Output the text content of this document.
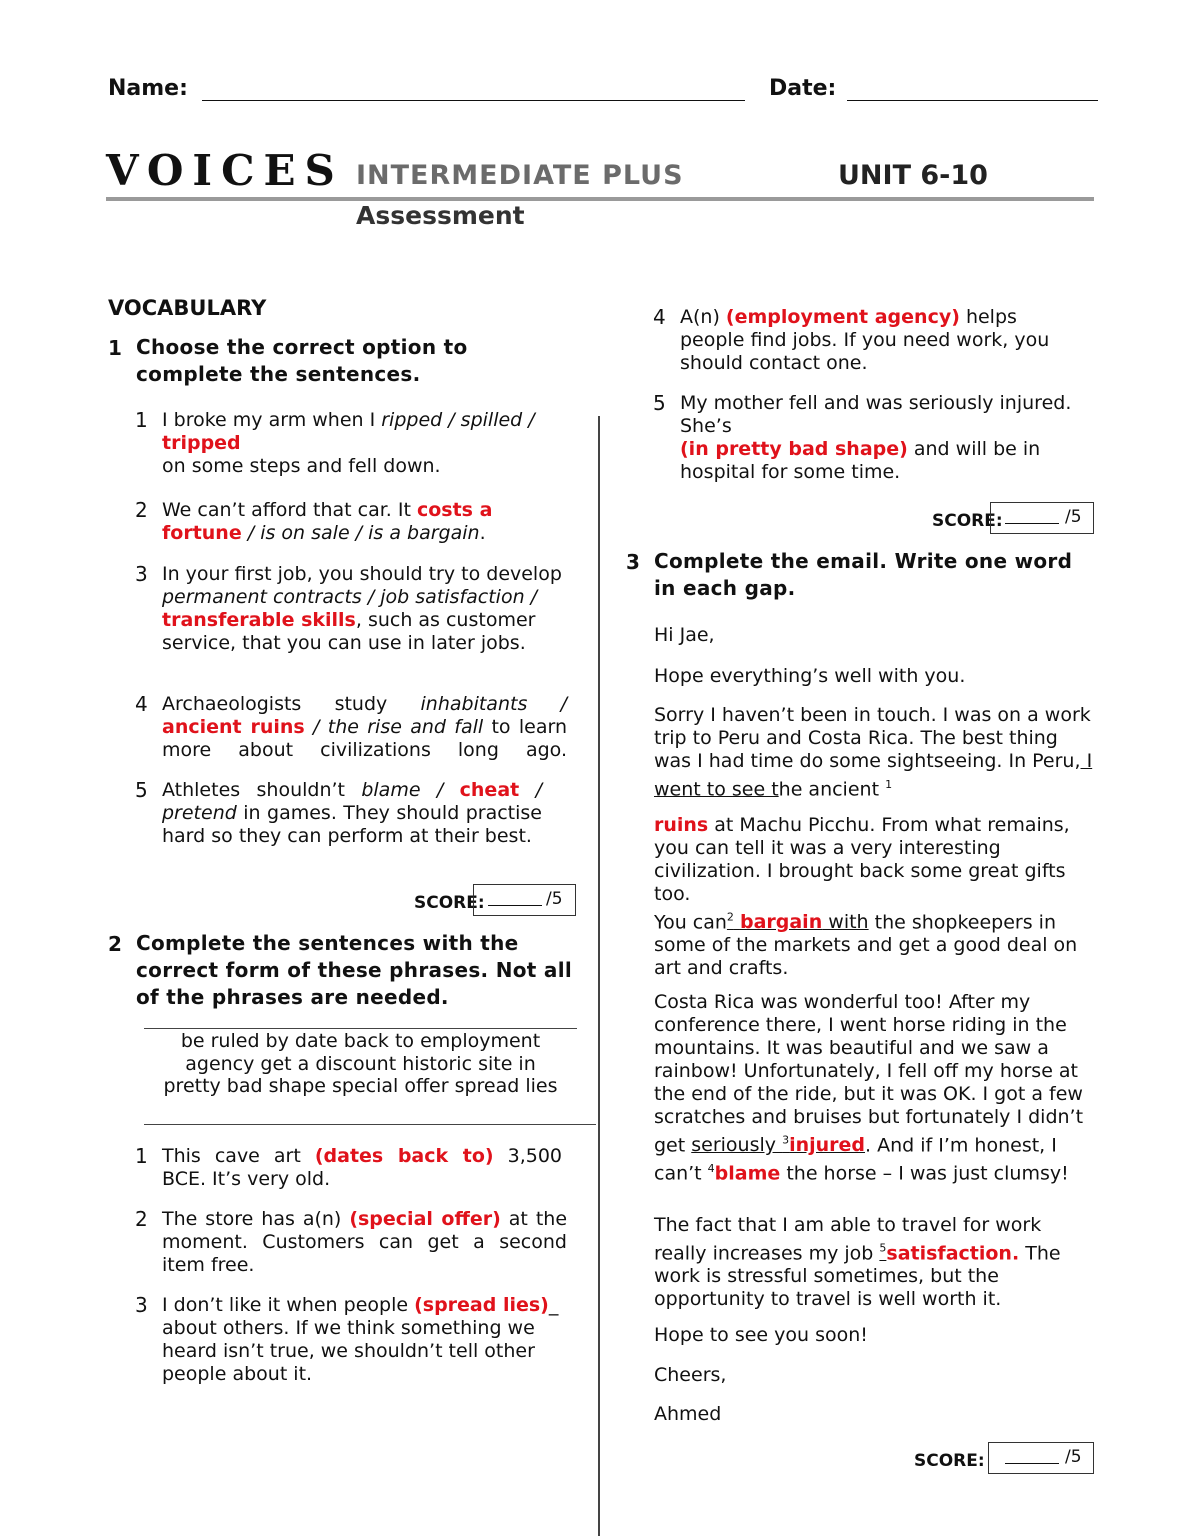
Name:	Date:
VOICES INTERMEDIATE PLUS	UNIT 6-10
Assessment
VOCABULARY
1 Choose the correct option to complete the sentences.
1 I broke my arm when I ripped / spilled /
tripped
on some steps and fell down.
2 We can’t afford that car. It costs a fortune / is on sale / is a bargain.
3 In your first job, you should try to develop permanent contracts / job satisfaction / transferable skills, such as customer service, that you can use in later jobs.
4 Archaeologists study inhabitants / ancient ruins / the rise and fall to learn more about civilizations long ago.
5 Athletes shouldn’t blame / cheat / pretend in games. They should practise hard so they can perform at their best.
SCORE:	/5
2 Complete the sentences with the correct form of these phrases. Not all of the phrases are needed.
be ruled by date back to employment agency get a discount historic site in pretty bad shape special offer spread lies
1 This cave art (dates back to) 3,500 BCE. It’s very old.
2 The store has a(n) (special offer) at the moment. Customers can get a second item free.
3 I don’t like it when people (spread lies)_ about others. If we think something we heard isn’t true, we shouldn’t tell other people about it.
4 A(n) (employment agency) helps people find jobs. If you need work, you should contact one.
5 My mother fell and was seriously injured. She’s
(in pretty bad shape) and will be in hospital for some time.
SCORE:	/5
3 Complete the email. Write one word in each gap.

Hi Jae,

Hope everything’s well with you.
Sorry I haven’t been in touch. I was on a work trip to Peru and Costa Rica. The best thing was I had time do some sightseeing. In Peru, I went to see the ancient $^1$
ruins at Machu Picchu. From what remains, you can tell it was a very interesting civilization. I brought back some great gifts too.
You can$^2$ bargain with the shopkeepers in some of the markets and get a good deal on art and crafts.
Costa Rica was wonderful too! After my conference there, I went horse riding in the mountains. It was beautiful and we saw a rainbow! Unfortunately, I fell off my horse at the end of the ride, but it was OK. I got a few scratches and bruises but fortunately I didn’t get seriously $^3$injured. And if I’m honest, I can’t $^4$blame the horse – I was just clumsy!
The fact that I am able to travel for work really increases my job $^5$satisfaction. The work is stressful sometimes, but the opportunity to travel is well worth it.
Hope to see you soon!
Cheers,
Ahmed
SCORE:	/5
